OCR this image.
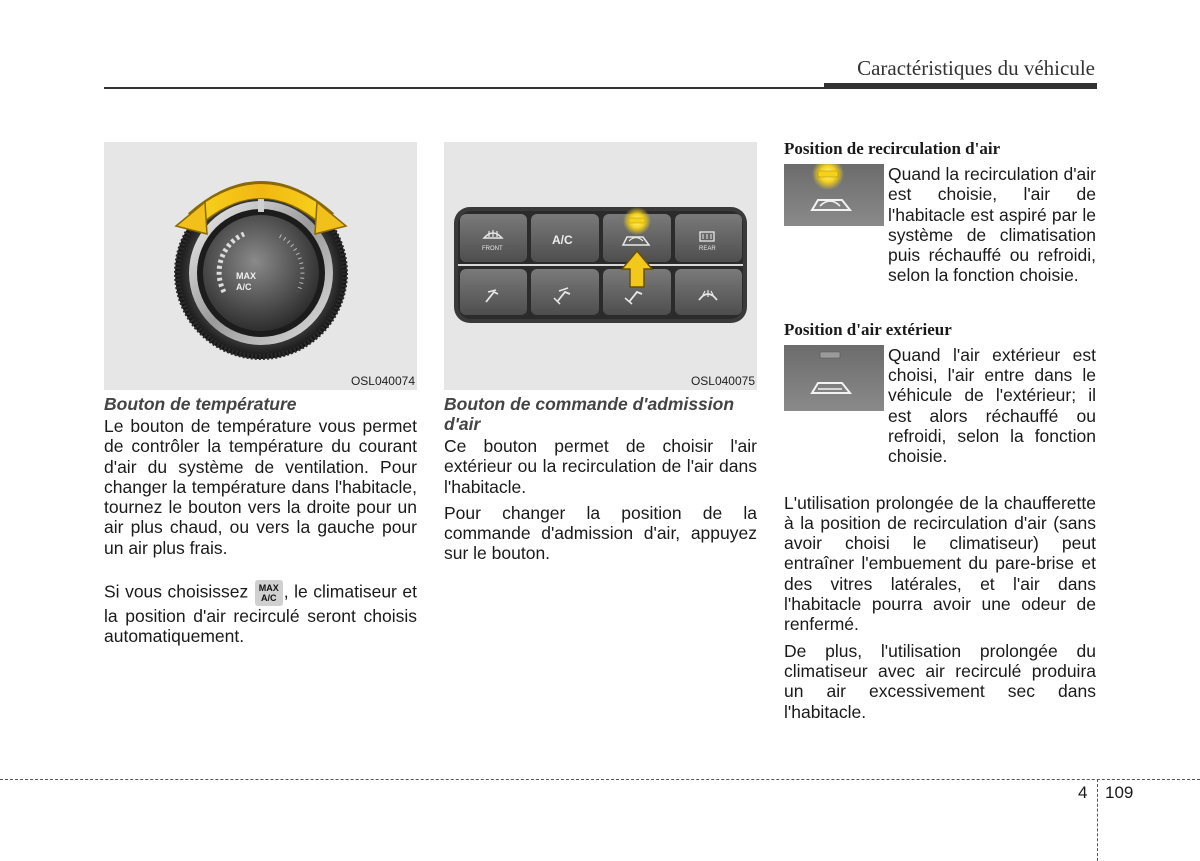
Caractéristiques du véhicule
MAX
A/C
OSL040074
Bouton de température

Le bouton de température vous permet de contrôler la température du courant d'air du système de ventilation. Pour changer la température dans l'habitacle, tournez le bouton vers la droite pour un air plus chaud, ou vers la gauche pour un air plus frais.

Si vous choisissez MAX
A/C , le climatiseur et la position d'air recirculé seront choisis automatiquement.

FRONT
A/C
REAR
OSL040075
Bouton de commande d'admission d'air

Ce bouton permet de choisir l'air extérieur ou la recirculation de l'air dans l'habitacle.

Pour changer la position de la commande d'admission d'air, appuyez sur le bouton.

Position de recirculation d'air

Quand la recirculation d'air est choisie, l'air de l'habitacle est aspiré par le système de climatisation puis réchauffé ou refroidi, selon la fonction choisie.

Position d'air extérieur

Quand l'air extérieur est choisi, l'air entre dans le véhicule de l'extérieur; il est alors réchauffé ou refroidi, selon la fonction choisie.

L'utilisation prolongée de la chaufferette à la position de recirculation d'air (sans avoir choisi le climatiseur) peut entraîner l'embuement du pare-brise et des vitres latérales, et l'air dans l'habitacle pourra avoir une odeur de renfermé.

De plus, l'utilisation prolongée du climatiseur avec air recirculé produira un air excessivement sec dans l'habitacle.

4 109
